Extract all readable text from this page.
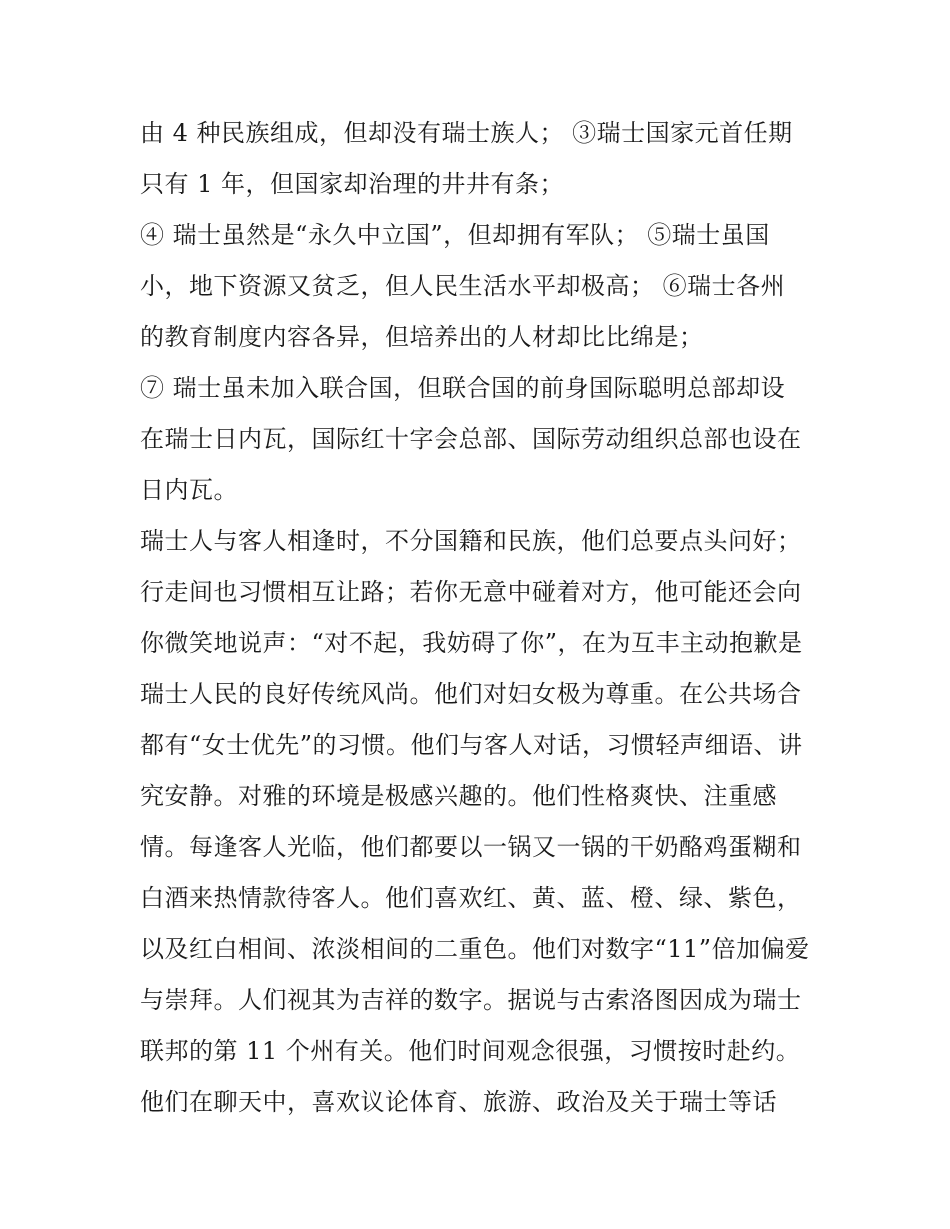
由 4 种民族组成，但却没有瑞士族人； ③瑞士国家元首任期
只有 1 年，但国家却治理的井井有条；
④ 瑞士虽然是“永久中立国”，但却拥有军队； ⑤瑞士虽国
小，地下资源又贫乏，但人民生活水平却极高； ⑥瑞士各州
的教育制度内容各异，但培养出的人材却比比绵是；
⑦ 瑞士虽未加入联合国，但联合国的前身国际聪明总部却设
在瑞士日内瓦，国际红十字会总部、国际劳动组织总部也设在
日内瓦。
瑞士人与客人相逢时，不分国籍和民族，他们总要点头问好；
行走间也习惯相互让路；若你无意中碰着对方，他可能还会向
你微笑地说声：“对不起，我妨碍了你”，在为互丰主动抱歉是
瑞士人民的良好传统风尚。他们对妇女极为尊重。在公共场合
都有“女士优先”的习惯。他们与客人对话，习惯轻声细语、讲
究安静。对雅的环境是极感兴趣的。他们性格爽快、注重感
情。每逢客人光临，他们都要以一锅又一锅的干奶酪鸡蛋糊和
白酒来热情款待客人。他们喜欢红、黄、蓝、橙、绿、紫色，
以及红白相间、浓淡相间的二重色。他们对数字“11”倍加偏爱
与崇拜。人们视其为吉祥的数字。据说与古索洛图因成为瑞士
联邦的第 11 个州有关。他们时间观念很强，习惯按时赴约。
他们在聊天中，喜欢议论体育、旅游、政治及关于瑞士等话
